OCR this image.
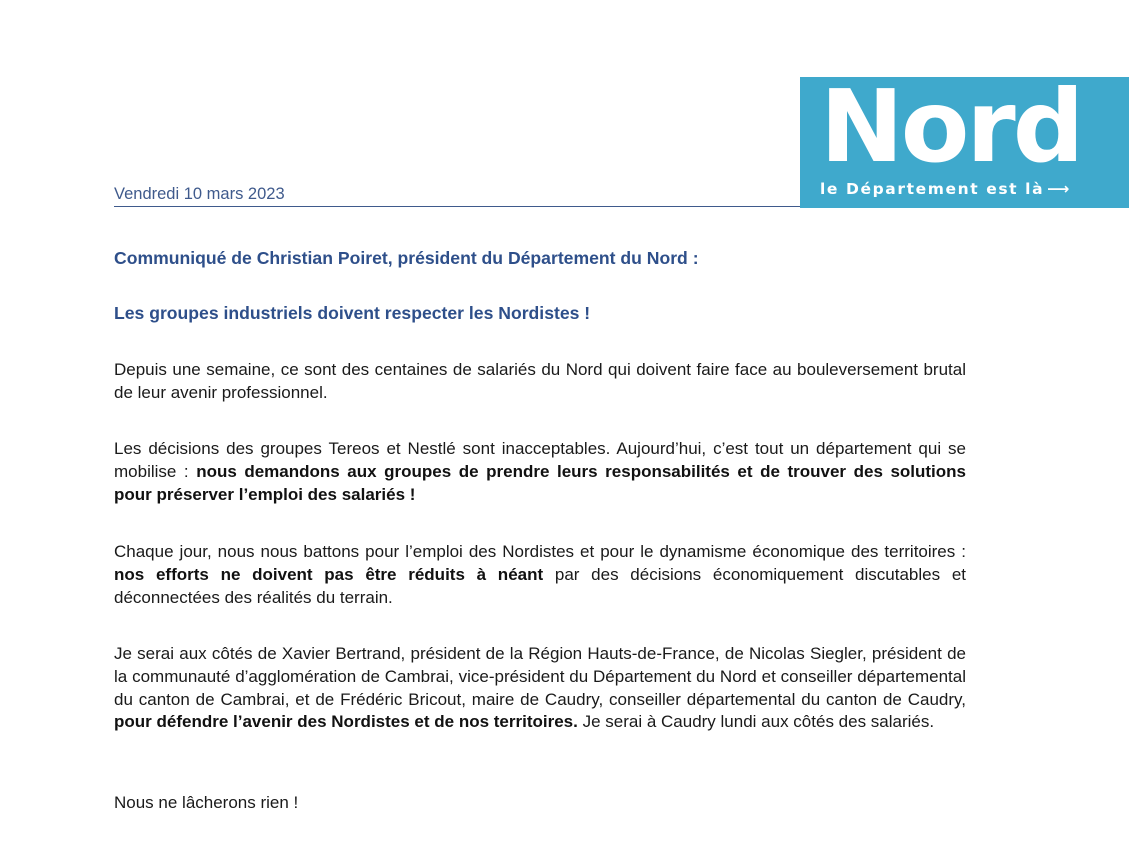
Nord
le Département est là ⟶
Vendredi 10 mars 2023
Communiqué de Christian Poiret, président du Département du Nord :
Les groupes industriels doivent respecter les Nordistes !
Depuis une semaine, ce sont des centaines de salariés du Nord qui doivent faire face au bouleversement brutal de leur avenir professionnel.
Les décisions des groupes Tereos et Nestlé sont inacceptables. Aujourd’hui, c’est tout un département qui se mobilise : nous demandons aux groupes de prendre leurs responsabilités et de trouver des solutions pour préserver l’emploi des salariés !
Chaque jour, nous nous battons pour l’emploi des Nordistes et pour le dynamisme économique des territoires : nos efforts ne doivent pas être réduits à néant par des décisions économiquement discutables et déconnectées des réalités du terrain.
Je serai aux côtés de Xavier Bertrand, président de la Région Hauts-de-France, de Nicolas Siegler, président de la communauté d’agglomération de Cambrai, vice-président du Département du Nord et conseiller départemental du canton de Cambrai, et de Frédéric Bricout, maire de Caudry, conseiller départemental du canton de Caudry, pour défendre l’avenir des Nordistes et de nos territoires. Je serai à Caudry lundi aux côtés des salariés.
Nous ne lâcherons rien !
